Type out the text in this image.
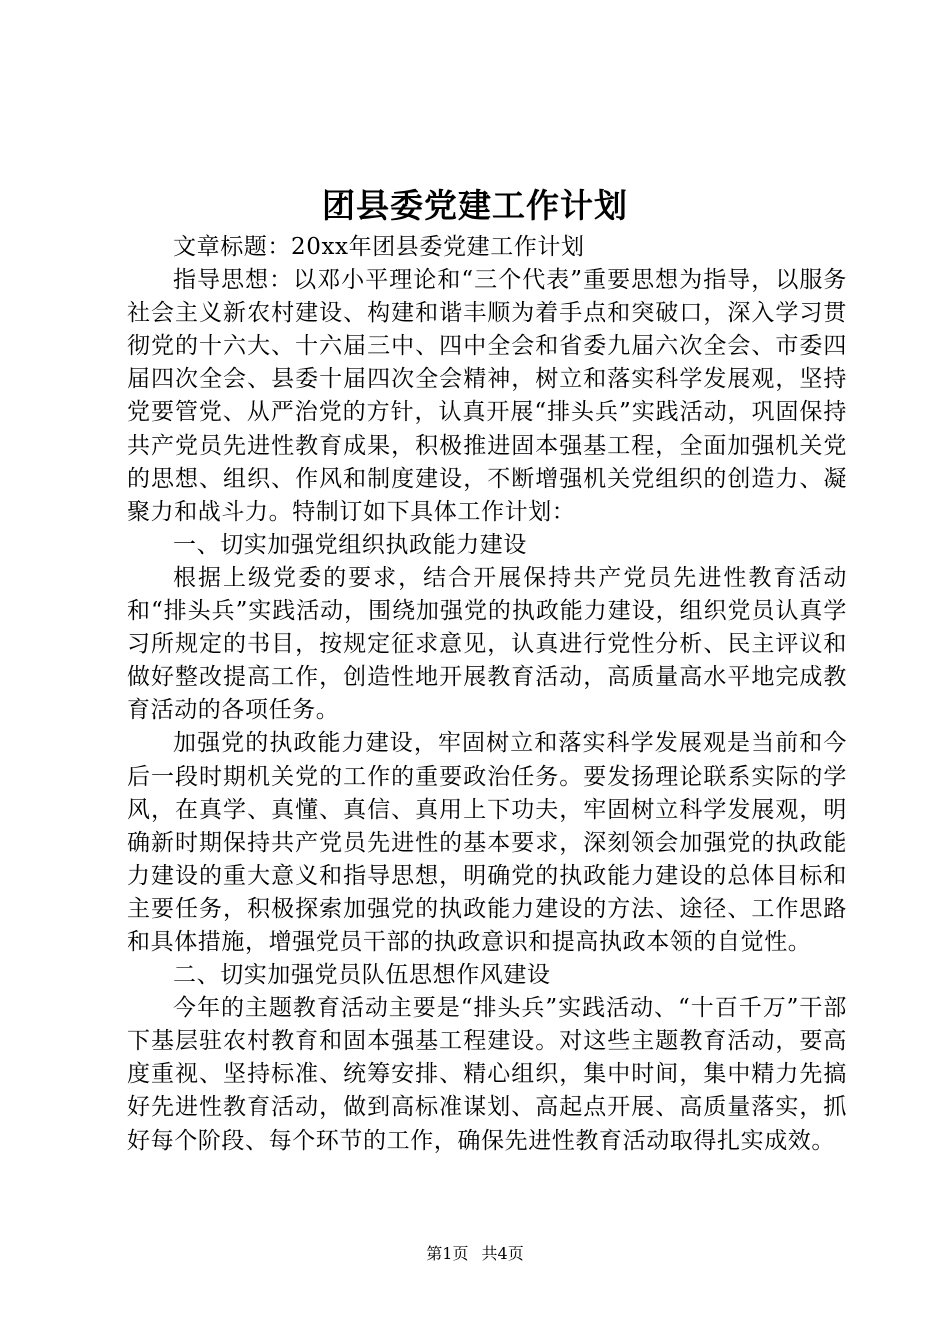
团县委党建工作计划

文章标题：20xx年团县委党建工作计划

指导思想：以邓小平理论和“三个代表”重要思想为指导，以服务社会主义新农村建设、构建和谐丰顺为着手点和突破口，深入学习贯彻党的十六大、十六届三中、四中全会和省委九届六次全会、市委四届四次全会、县委十届四次全会精神，树立和落实科学发展观，坚持党要管党、从严治党的方针，认真开展“排头兵”实践活动，巩固保持共产党员先进性教育成果，积极推进固本强基工程，全面加强机关党的思想、组织、作风和制度建设，不断增强机关党组织的创造力、凝聚力和战斗力。特制订如下具体工作计划：

一、切实加强党组织执政能力建设

根据上级党委的要求，结合开展保持共产党员先进性教育活动和“排头兵”实践活动，围绕加强党的执政能力建设，组织党员认真学习所规定的书目，按规定征求意见，认真进行党性分析、民主评议和做好整改提高工作，创造性地开展教育活动，高质量高水平地完成教育活动的各项任务。

加强党的执政能力建设，牢固树立和落实科学发展观是当前和今后一段时期机关党的工作的重要政治任务。要发扬理论联系实际的学风，在真学、真懂、真信、真用上下功夫，牢固树立科学发展观，明确新时期保持共产党员先进性的基本要求，深刻领会加强党的执政能力建设的重大意义和指导思想，明确党的执政能力建设的总体目标和主要任务，积极探索加强党的执政能力建设的方法、途径、工作思路和具体措施，增强党员干部的执政意识和提高执政本领的自觉性。

二、切实加强党员队伍思想作风建设

今年的主题教育活动主要是“排头兵”实践活动、“十百千万”干部下基层驻农村教育和固本强基工程建设。对这些主题教育活动，要高度重视、坚持标准、统筹安排、精心组织，集中时间，集中精力先搞好先进性教育活动，做到高标准谋划、高起点开展、高质量落实，抓好每个阶段、每个环节的工作，确保先进性教育活动取得扎实成效。

第1页 共4页
